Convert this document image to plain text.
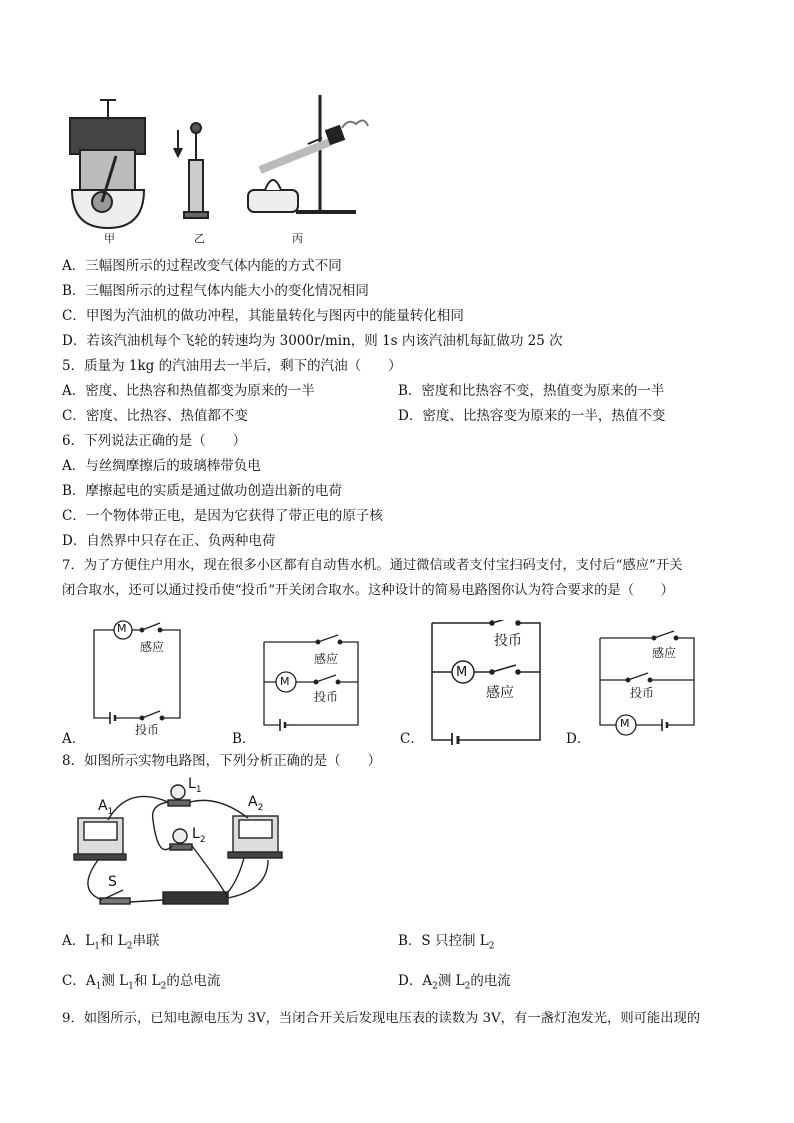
甲	乙	丙
A．三幅图所示的过程改变气体内能的方式不同
B．三幅图所示的过程气体内能大小的变化情况相同
C．甲图为汽油机的做功冲程，其能量转化与图丙中的能量转化相同
D．若该汽油机每个飞轮的转速均为 3000r/min，则 1s 内该汽油机每缸做功 25 次
5．质量为 1kg 的汽油用去一半后，剩下的汽油（　　）
A．密度、比热容和热值都变为原来的一半	B．密度和比热容不变，热值变为原来的一半
C．密度、比热容、热值都不变	D．密度、比热容变为原来的一半，热值不变
6．下列说法正确的是（　　）
A．与丝绸摩擦后的玻璃棒带负电
B．摩擦起电的实质是通过做功创造出新的电荷
C．一个物体带正电，是因为它获得了带正电的原子核
D．自然界中只存在正、负两种电荷
7．为了方便住户用水，现在很多小区都有自动售水机。通过微信或者支付宝扫码支付，支付后“感应”开关
闭合取水，还可以通过投币使“投币”开关闭合取水。这种设计的简易电路图你认为符合要求的是（　　）
M
感应
投币
A．
M
感应
投币
B．
M
投币
感应
C．
M
感应
投币
D．
8．如图所示实物电路图，下列分析正确的是（　　）
$A_1$
$L_1$
$A_2$
$L_2$
S
A．$L_1$和 $L_2$串联	B．S 只控制 $L_2$
C．$A_1$测 $L_1$和 $L_2$的总电流	D．$A_2$测 $L_2$的电流
9．如图所示，已知电源电压为 3V，当闭合开关后发现电压表的读数为 3V，有一盏灯泡发光，则可能出现的
